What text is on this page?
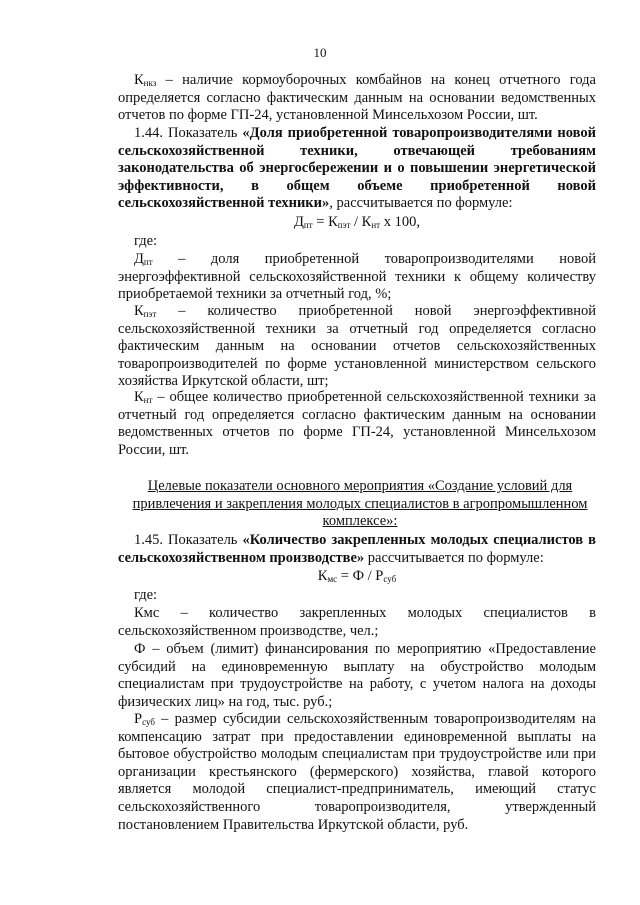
10

$К_{нкз}$ – наличие кормоуборочных комбайнов на конец отчетного года определяется согласно фактическим данным на основании ведомственных отчетов по форме ГП-24, установленной Минсельхозом России, шт.

1.44. Показатель «Доля приобретенной товаропроизводителями новой сельскохозяйственной техники, отвечающей требованиям законодательства об энергосбережении и о повышении энергетической эффективности, в общем объеме приобретенной новой сельскохозяйственной техники», рассчитывается по формуле:

$Д_{пт} = К_{пэт} / К_{нт}$ х 100,

где:

$Д_{пт}$ – доля приобретенной товаропроизводителями новой энергоэффективной сельскохозяйственной техники к общему количеству приобретаемой техники за отчетный год, %;

$К_{пэт}$ – количество приобретенной новой энергоэффективной сельскохозяйственной техники за отчетный год определяется согласно фактическим данным на основании отчетов сельскохозяйственных товаропроизводителей по форме установленной министерством сельского хозяйства Иркутской области, шт;

$К_{нт}$ – общее количество приобретенной сельскохозяйственной техники за отчетный год определяется согласно фактическим данным на основании ведомственных отчетов по форме ГП-24, установленной Минсельхозом России, шт.

Целевые показатели основного мероприятия «Создание условий для привлечения и закрепления молодых специалистов в агропромышленном комплексе»:

1.45. Показатель «Количество закрепленных молодых специалистов в сельскохозяйственном производстве» рассчитывается по формуле:

$К_{мс} = Ф / Р_{суб}$

где:

Кмс – количество закрепленных молодых специалистов в сельскохозяйственном производстве, чел.;

Ф – объем (лимит) финансирования по мероприятию «Предоставление субсидий на единовременную выплату на обустройство молодым специалистам при трудоустройстве на работу, с учетом налога на доходы физических лиц» на год, тыс. руб.;

$Р_{суб}$ – размер субсидии сельскохозяйственным товаропроизводителям на компенсацию затрат при предоставлении единовременной выплаты на бытовое обустройство молодым специалистам при трудоустройстве или при организации крестьянского (фермерского) хозяйства, главой которого является молодой специалист-предприниматель, имеющий статус сельскохозяйственного товаропроизводителя, утвержденный постановлением Правительства Иркутской области, руб.
